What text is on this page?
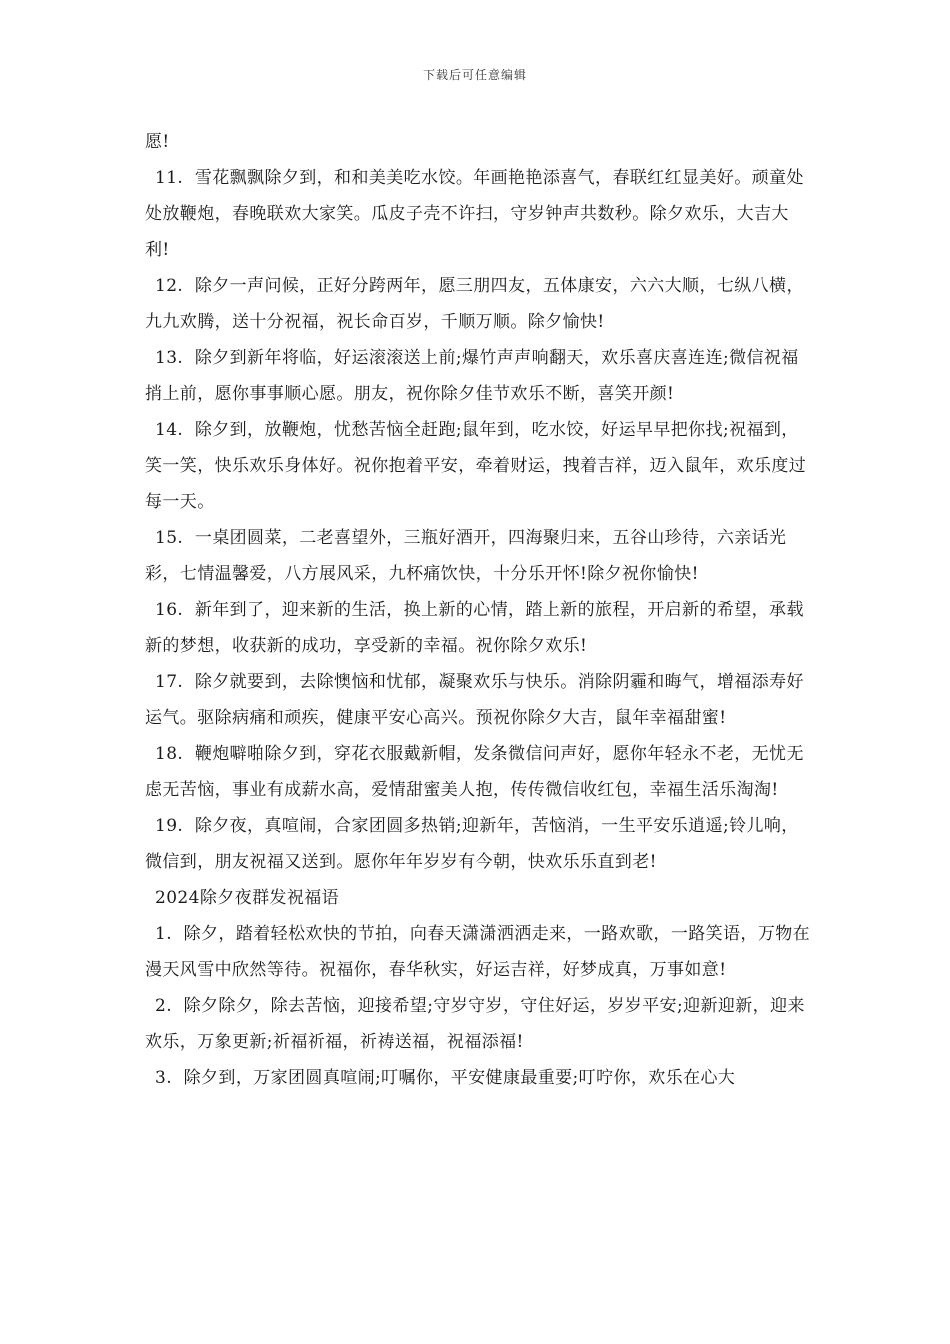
下载后可任意编辑

愿!

11.  雪花飘飘除夕到，和和美美吃水饺。年画艳艳添喜气，春联红红显美好。顽童处处放鞭炮，春晚联欢大家笑。瓜皮子壳不许扫，守岁钟声共数秒。除夕欢乐，大吉大利!

12.  除夕一声问候，正好分跨两年，愿三朋四友，五体康安，六六大顺，七纵八横，九九欢腾，送十分祝福，祝长命百岁，千顺万顺。除夕愉快!

13.  除夕到新年将临，好运滚滚送上前;爆竹声声响翻天，欢乐喜庆喜连连;微信祝福捎上前，愿你事事顺心愿。朋友，祝你除夕佳节欢乐不断，喜笑开颜!

14.  除夕到，放鞭炮，忧愁苦恼全赶跑;鼠年到，吃水饺，好运早早把你找;祝福到，笑一笑，快乐欢乐身体好。祝你抱着平安，牵着财运，拽着吉祥，迈入鼠年，欢乐度过每一天。

15.  一桌团圆菜，二老喜望外，三瓶好酒开，四海聚归来，五谷山珍待，六亲话光彩，七情温馨爱，八方展风采，九杯痛饮快，十分乐开怀!除夕祝你愉快!

16.  新年到了，迎来新的生活，换上新的心情，踏上新的旅程，开启新的希望，承载新的梦想，收获新的成功，享受新的幸福。祝你除夕欢乐!

17.  除夕就要到，去除懊恼和忧郁，凝聚欢乐与快乐。消除阴霾和晦气，增福添寿好运气。驱除病痛和顽疾，健康平安心高兴。预祝你除夕大吉，鼠年幸福甜蜜!

18.  鞭炮噼啪除夕到，穿花衣服戴新帽，发条微信问声好，愿你年轻永不老，无忧无虑无苦恼，事业有成薪水高，爱情甜蜜美人抱，传传微信收红包，幸福生活乐淘淘!

19.  除夕夜，真喧闹，合家团圆多热销;迎新年，苦恼消，一生平安乐逍遥;铃儿响，微信到，朋友祝福又送到。愿你年年岁岁有今朝，快欢乐乐直到老!

2024除夕夜群发祝福语

1.  除夕，踏着轻松欢快的节拍，向春天潇潇洒洒走来，一路欢歌，一路笑语，万物在漫天风雪中欣然等待。祝福你，春华秋实，好运吉祥，好梦成真，万事如意!

2.  除夕除夕，除去苦恼，迎接希望;守岁守岁，守住好运，岁岁平安;迎新迎新，迎来欢乐，万象更新;祈福祈福，祈祷送福，祝福添福!

3.  除夕到，万家团圆真喧闹;叮嘱你，平安健康最重要;叮咛你，欢乐在心大
